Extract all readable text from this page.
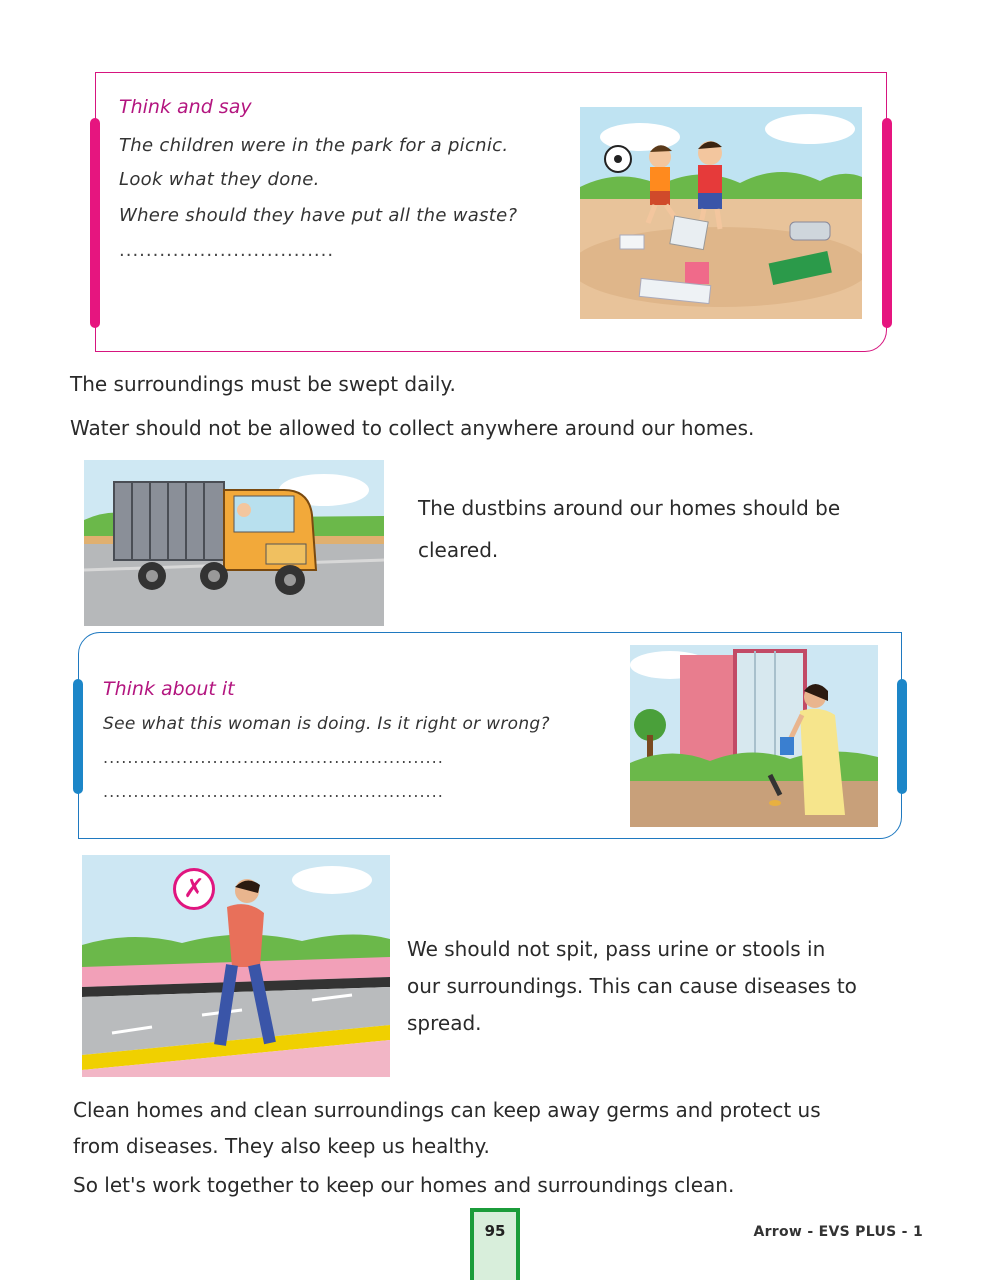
Think and say
The children were in the park for a picnic.
Look what they done.
Where should they have put all the waste?
................................
The surroundings must be swept daily.
Water should not be allowed to collect anywhere around our homes.
The dustbins around our homes should be
cleared.
Think about it
See what this woman is doing. Is it right or wrong?
........................................................
........................................................
✗
We should not spit, pass urine or stools in
our surroundings. This can cause diseases to
spread.
Clean homes and clean surroundings can keep away germs and protect us
from diseases. They also keep us healthy.
So let's work together to keep our homes and surroundings clean.
95	Arrow - EVS PLUS - 1
